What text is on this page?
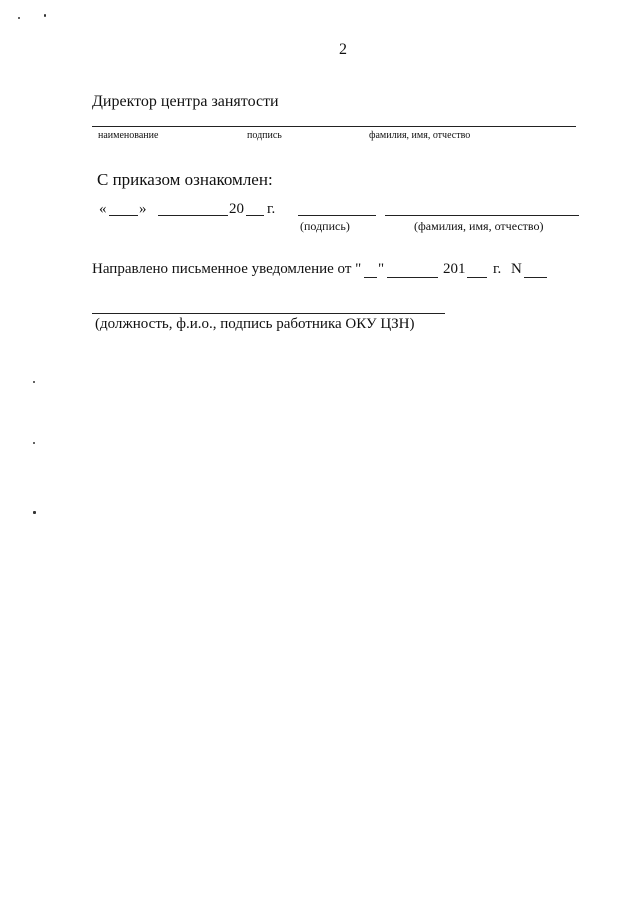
2
Директор центра занятости
наименование	подпись	фамилия, имя, отчество
С приказом ознакомлен:
« »	20 г.
(подпись)	(фамилия, имя, отчество)
Направлено письменное уведомление от " "	201 г. N
(должность, ф.и.о., подпись работника ОКУ ЦЗН)
